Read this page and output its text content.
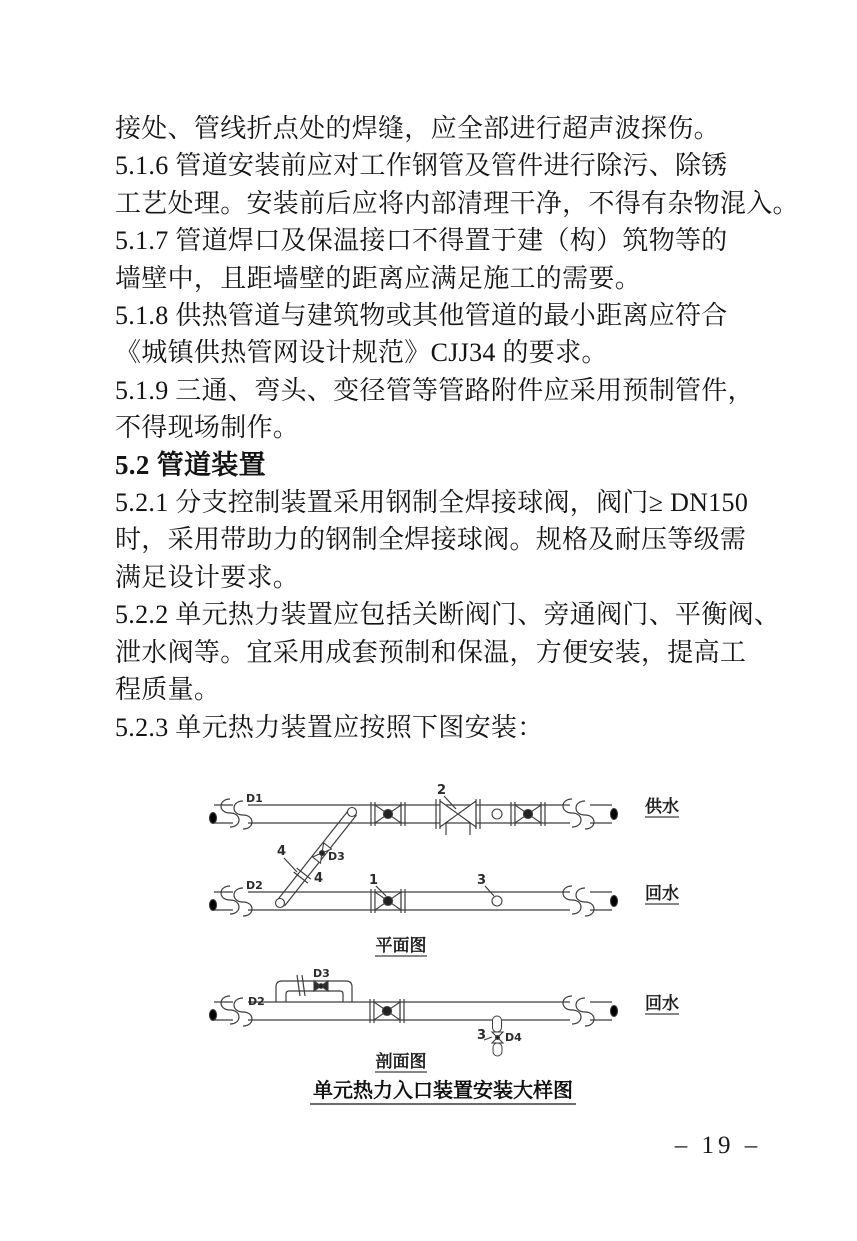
接处、管线折点处的焊缝，应全部进行超声波探伤。
5.1.6 管道安装前应对工作钢管及管件进行除污、除锈
工艺处理。安装前后应将内部清理干净，不得有杂物混入。
5.1.7 管道焊口及保温接口不得置于建（构）筑物等的
墙壁中，且距墙壁的距离应满足施工的需要。
5.1.8 供热管道与建筑物或其他管道的最小距离应符合
《城镇供热管网设计规范》CJJ34 的要求。
5.1.9 三通、弯头、变径管等管路附件应采用预制管件，
不得现场制作。
5.2 管道装置
5.2.1 分支控制装置采用钢制全焊接球阀，阀门≥ DN150
时，采用带助力的钢制全焊接球阀。规格及耐压等级需
满足设计要求。
5.2.2 单元热力装置应包括关断阀门、旁通阀门、平衡阀、
泄水阀等。宜采用成套预制和保温，方便安装，提高工
程质量。
5.2.3 单元热力装置应按照下图安装：
D1
D2
D3
2
1	3
4
4
供水
回水
平面图
D2
D3
D4
3
回水
剖面图
单元热力入口装置安装大样图
– 19 –
